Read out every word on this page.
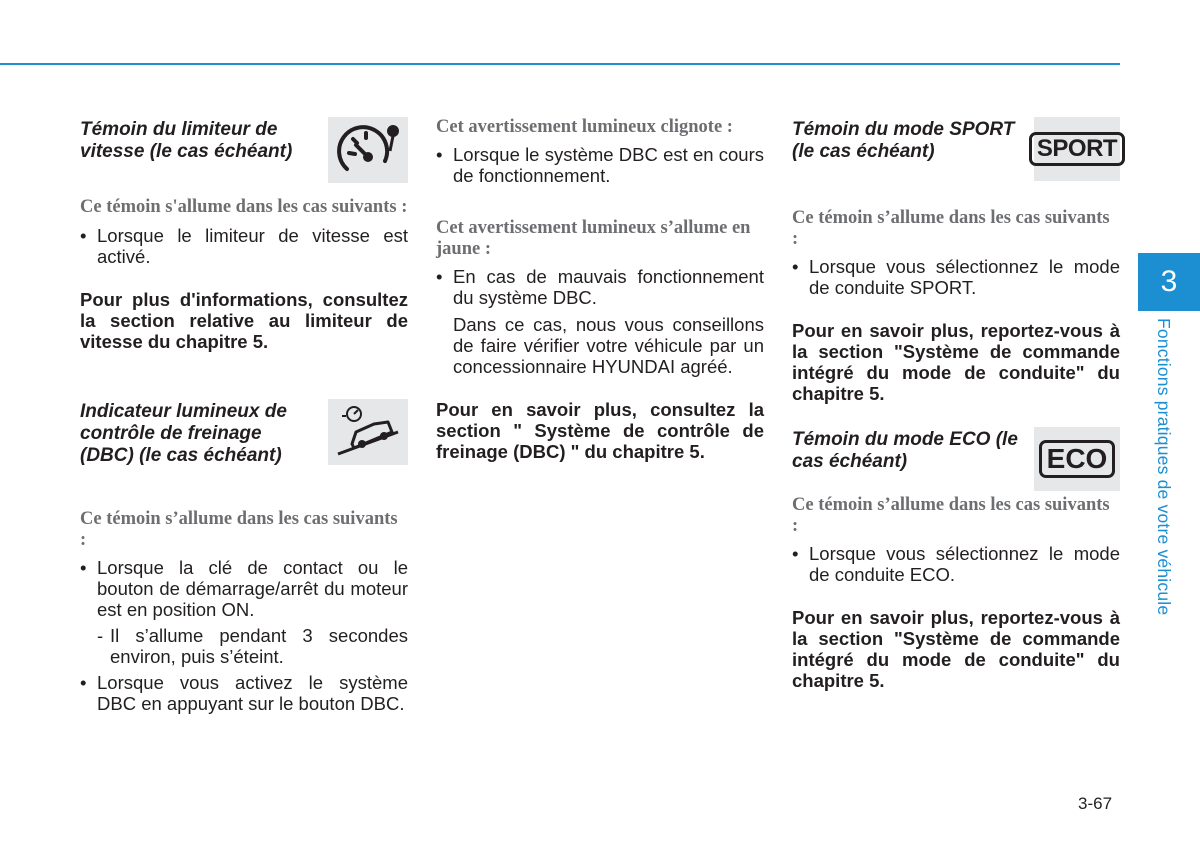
Témoin du limiteur de vitesse (le cas échéant)

Ce témoin s'allume dans les cas suivants :

• Lorsque le limiteur de vitesse est activé.

Pour plus d'informations, consultez la section relative au limiteur de vitesse du chapitre 5.

Indicateur lumineux de contrôle de freinage (DBC) (le cas échéant)

Ce témoin s’allume dans les cas suivants :

• Lorsque la clé de contact ou le bouton de démarrage/arrêt du moteur est en position ON.

- Il s’allume pendant 3 secondes environ, puis s’éteint.

• Lorsque vous activez le système DBC en appuyant sur le bouton DBC.

Cet avertissement lumineux clignote :

• Lorsque le système DBC est en cours de fonctionnement.

Cet avertissement lumineux s’allume en jaune :

• En cas de mauvais fonctionnement du système DBC.

Dans ce cas, nous vous conseillons de faire vérifier votre véhicule par un concessionnaire HYUNDAI agréé.

Pour en savoir plus, consultez la section " Système de contrôle de freinage (DBC) " du chapitre 5.

Témoin du mode SPORT (le cas échéant)	SPORT

Ce témoin s’allume dans les cas suivants :

• Lorsque vous sélectionnez le mode de conduite SPORT.

Pour en savoir plus, reportez-vous à la section "Système de commande intégré du mode de conduite" du chapitre 5.

Témoin du mode ECO (le cas échéant)	ECO

Ce témoin s’allume dans les cas suivants :

• Lorsque vous sélectionnez le mode de conduite ECO.

Pour en savoir plus, reportez-vous à la section "Système de commande intégré du mode de conduite" du chapitre 5.

3
Fonctions pratiques de votre véhicule
3-67
